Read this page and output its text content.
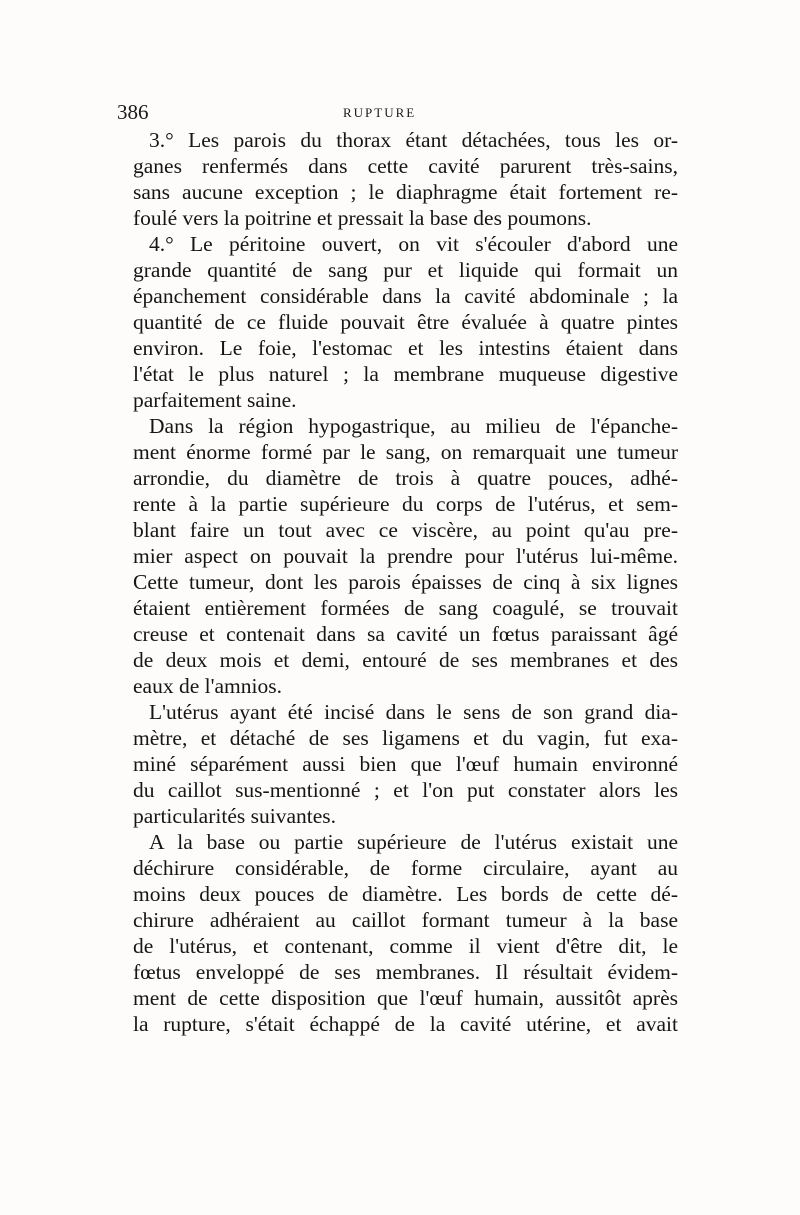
386	RUPTURE
3.° Les parois du thorax étant détachées, tous les or-
ganes renfermés dans cette cavité parurent très-sains,
sans aucune exception ; le diaphragme était fortement re-
foulé vers la poitrine et pressait la base des poumons.
4.° Le péritoine ouvert, on vit s'écouler d'abord une
grande quantité de sang pur et liquide qui formait un
épanchement considérable dans la cavité abdominale ; la
quantité de ce fluide pouvait être évaluée à quatre pintes
environ. Le foie, l'estomac et les intestins étaient dans
l'état le plus naturel ; la membrane muqueuse digestive
parfaitement saine.
Dans la région hypogastrique, au milieu de l'épanche-
ment énorme formé par le sang, on remarquait une tumeur
arrondie, du diamètre de trois à quatre pouces, adhé-
rente à la partie supérieure du corps de l'utérus, et sem-
blant faire un tout avec ce viscère, au point qu'au pre-
mier aspect on pouvait la prendre pour l'utérus lui-même.
Cette tumeur, dont les parois épaisses de cinq à six lignes
étaient entièrement formées de sang coagulé, se trouvait
creuse et contenait dans sa cavité un fœtus paraissant âgé
de deux mois et demi, entouré de ses membranes et des
eaux de l'amnios.
L'utérus ayant été incisé dans le sens de son grand dia-
mètre, et détaché de ses ligamens et du vagin, fut exa-
miné séparément aussi bien que l'œuf humain environné
du caillot sus-mentionné ; et l'on put constater alors les
particularités suivantes.
A la base ou partie supérieure de l'utérus existait une
déchirure considérable, de forme circulaire, ayant au
moins deux pouces de diamètre. Les bords de cette dé-
chirure adhéraient au caillot formant tumeur à la base
de l'utérus, et contenant, comme il vient d'être dit, le
fœtus enveloppé de ses membranes. Il résultait évidem-
ment de cette disposition que l'œuf humain, aussitôt après
la rupture, s'était échappé de la cavité utérine, et avait
